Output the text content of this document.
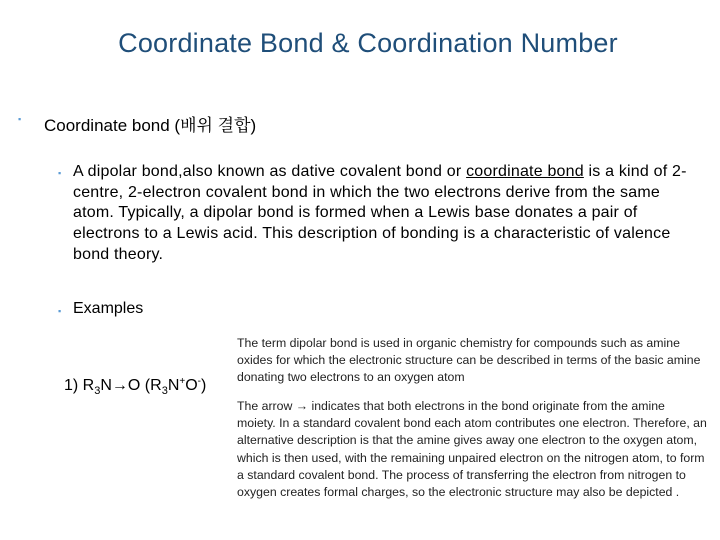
Coordinate Bond & Coordination Number
▪ Coordinate bond (배위 결합)
▪ A dipolar bond,also known as dative covalent bond or coordinate bond is a kind of 2-centre, 2-electron covalent bond in which the two electrons derive from the same atom. Typically, a dipolar bond is formed when a Lewis base donates a pair of electrons to a Lewis acid. This description of bonding is a characteristic of valence bond theory.
▪ Examples
1) $R_3N\to O$ $(R_3N^+O^-)$
The term dipolar bond is used in organic chemistry for compounds such as amine oxides for which the electronic structure can be described in terms of the basic amine donating two electrons to an oxygen atom
The arrow → indicates that both electrons in the bond originate from the amine moiety. In a standard covalent bond each atom contributes one electron. Therefore, an alternative description is that the amine gives away one electron to the oxygen atom, which is then used, with the remaining unpaired electron on the nitrogen atom, to form a standard covalent bond. The process of transferring the electron from nitrogen to oxygen creates formal charges, so the electronic structure may also be depicted .
